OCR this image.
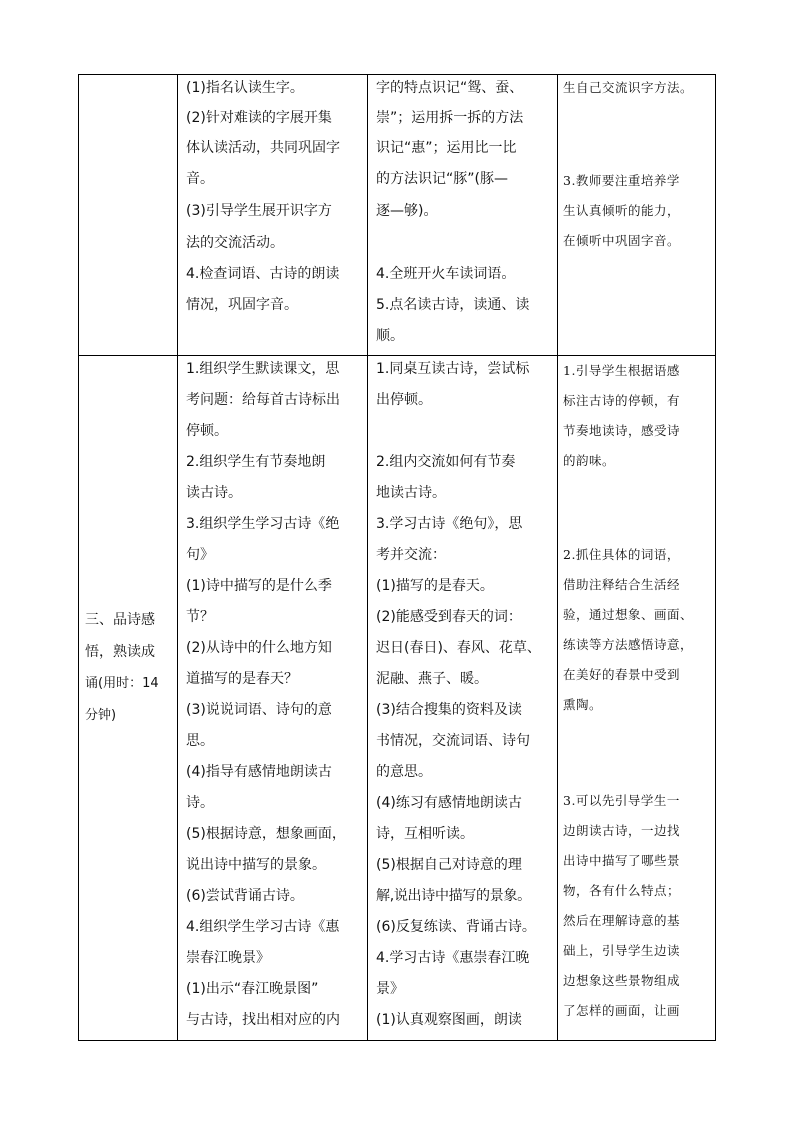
(1)指名认读生字。
(2)针对难读的字展开集
体认读活动，共同巩固字
音。
(3)引导学生展开识字方
法的交流活动。
4.检查词语、古诗的朗读
情况，巩固字音。
字的特点识记“鸳、蚕、
崇”；运用拆一拆的方法
识记“惠”；运用比一比
的方法识记“豚”(豚—
逐—够)。
4.全班开火车读词语。
5.点名读古诗，读通、读
顺。
生自己交流识字方法。
3.教师要注重培养学
生认真倾听的能力，
在倾听中巩固字音。
三、品诗感
悟，熟读成
诵(用时：14
分钟)
1.组织学生默读课文，思
考问题：给每首古诗标出
停顿。
2.组织学生有节奏地朗
读古诗。
3.组织学生学习古诗《绝
句》
(1)诗中描写的是什么季
节？
(2)从诗中的什么地方知
道描写的是春天？
(3)说说词语、诗句的意
思。
(4)指导有感情地朗读古
诗。
(5)根据诗意，想象画面，
说出诗中描写的景象。
(6)尝试背诵古诗。
4.组织学生学习古诗《惠
崇春江晚景》
(1)出示“春江晚景图”
与古诗，找出相对应的内
1.同桌互读古诗，尝试标
出停顿。
2.组内交流如何有节奏
地读古诗。
3.学习古诗《绝句》，思
考并交流：
(1)描写的是春天。
(2)能感受到春天的词：
迟日(春日)、春风、花草、
泥融、燕子、暖。
(3)结合搜集的资料及读
书情况，交流词语、诗句
的意思。
(4)练习有感情地朗读古
诗，互相听读。
(5)根据自己对诗意的理
解,说出诗中描写的景象。
(6)反复练读、背诵古诗。
4.学习古诗《惠崇春江晚
景》
(1)认真观察图画，朗读
1.引导学生根据语感
标注古诗的停顿，有
节奏地读诗，感受诗
的韵味。
2.抓住具体的词语，
借助注释结合生活经
验，通过想象、画面、
练读等方法感悟诗意，
在美好的春景中受到
熏陶。
3.可以先引导学生一
边朗读古诗，一边找
出诗中描写了哪些景
物，各有什么特点；
然后在理解诗意的基
础上，引导学生边读
边想象这些景物组成
了怎样的画面，让画
